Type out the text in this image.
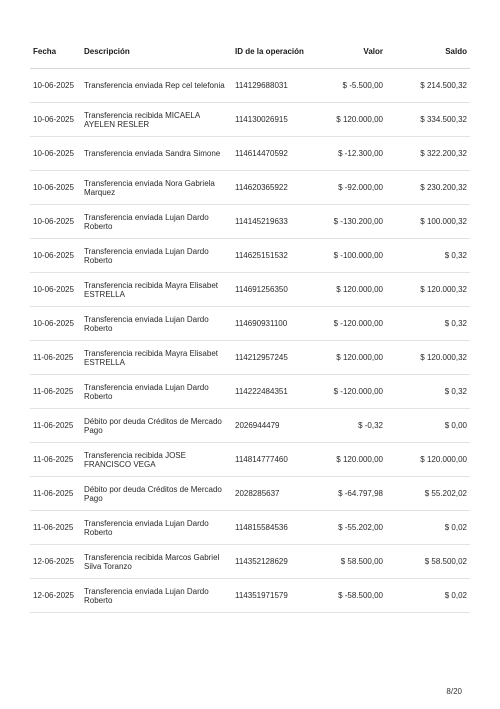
Fecha	Descripción	ID de la operación	Valor	Saldo
10-06-2025	Transferencia enviada Rep cel telefonia	114129688031	$ -5.500,00	$ 214.500,32
10-06-2025	Transferencia recibida MICAELA AYELEN RESLER	114130026915	$ 120.000,00	$ 334.500,32
10-06-2025	Transferencia enviada Sandra Simone	114614470592	$ -12.300,00	$ 322.200,32
10-06-2025	Transferencia enviada Nora Gabriela Marquez	114620365922	$ -92.000,00	$ 230.200,32
10-06-2025	Transferencia enviada Lujan Dardo Roberto	114145219633	$ -130.200,00	$ 100.000,32
10-06-2025	Transferencia enviada Lujan Dardo Roberto	114625151532	$ -100.000,00	$ 0,32
10-06-2025	Transferencia recibida Mayra Elisabet ESTRELLA	114691256350	$ 120.000,00	$ 120.000,32
10-06-2025	Transferencia enviada Lujan Dardo Roberto	114690931100	$ -120.000,00	$ 0,32
11-06-2025	Transferencia recibida Mayra Elisabet ESTRELLA	114212957245	$ 120.000,00	$ 120.000,32
11-06-2025	Transferencia enviada Lujan Dardo Roberto	114222484351	$ -120.000,00	$ 0,32
11-06-2025	Débito por deuda Créditos de Mercado Pago	2026944479	$ -0,32	$ 0,00
11-06-2025	Transferencia recibida JOSE FRANCISCO VEGA	114814777460	$ 120.000,00	$ 120.000,00
11-06-2025	Débito por deuda Créditos de Mercado Pago	2028285637	$ -64.797,98	$ 55.202,02
11-06-2025	Transferencia enviada Lujan Dardo Roberto	114815584536	$ -55.202,00	$ 0,02
12-06-2025	Transferencia recibida Marcos Gabriel Silva Toranzo	114352128629	$ 58.500,00	$ 58.500,02
12-06-2025	Transferencia enviada Lujan Dardo Roberto	114351971579	$ -58.500,00	$ 0,02
8/20
